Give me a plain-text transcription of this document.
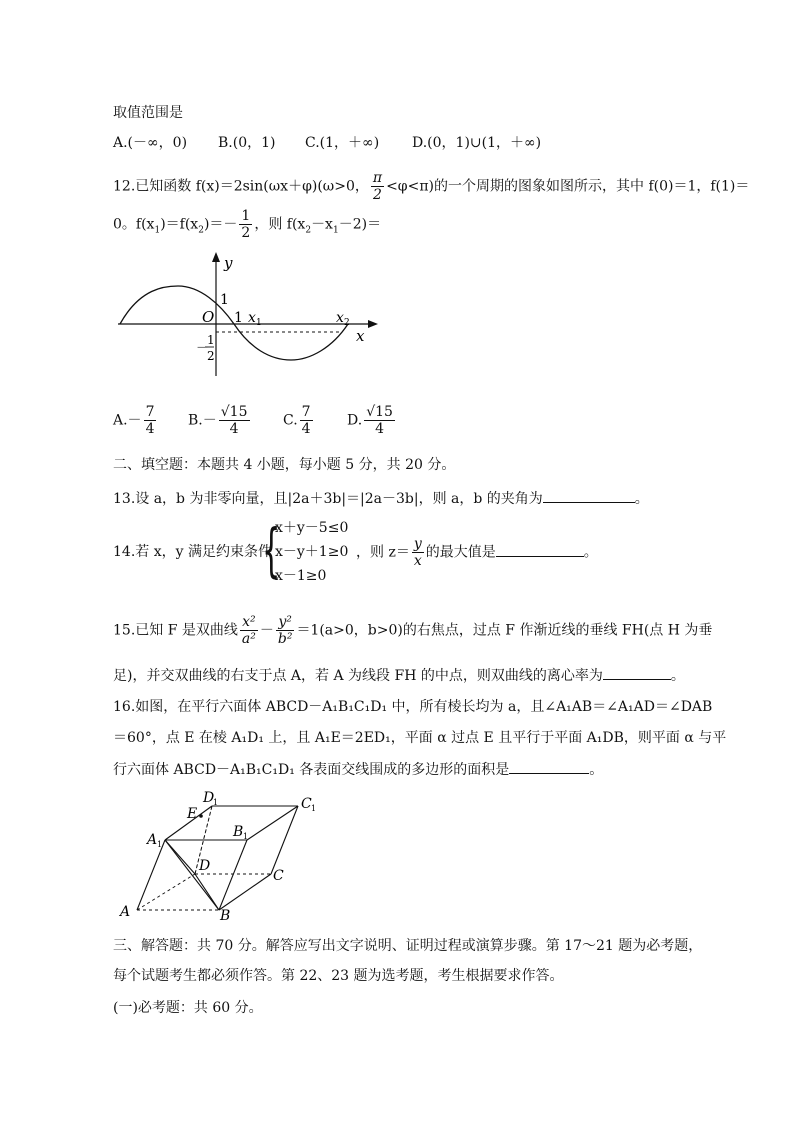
取值范围是
A.(－∞，0) B.(0，1) C.(1，＋∞) D.(0，1)∪(1，＋∞)
12.已知函数 f(x)＝2sin(ωx＋φ)(ω>0， $\frac{\pi}{2} <\varphi<\pi$)的一个周期的图象如图所示，其中 f(0)＝1，f(1)＝
0。$f(x_1)=f(x_2)=- \frac{1}{2}$ ，则 $f(x_2-x_1-2)=$
y
x
O
1
1 x 1	x 2
－
1
2
$A.- \frac{7}{4} B.- \frac{√15}{4} C$. $\frac{7}{4} D$. $\frac{√15}{4}$
二、填空题：本题共 4 小题，每小题 5 分，共 20 分。
13.设 a，b 为非零向量，且|2a＋3b|＝|2a－3b|，则 a，b 的夹角为	。
14.若 x，y 满足约束条件
{
x＋y－5≤0
x－y＋1≥0
x－1≥0
，则 $z= \frac{y}{x}$ 的最大值是	。
15.已知 F 是双曲线 $\frac{\text{x²}}{\text{a²}} - \frac{\text{y²}}{\text{b²}} =1(a>0$，b>0)的右焦点，过点 F 作渐近线的垂线 FH(点 H 为垂
足)，并交双曲线的右支于点 A，若 A 为线段 FH 的中点，则双曲线的离心率为	。
16.如图，在平行六面体 ABCD－A₁B₁C₁D₁ 中，所有棱长均为 a，且∠A₁AB＝∠A₁AD＝∠DAB
＝60°，点 E 在棱 A₁D₁ 上，且 A₁E＝2ED₁，平面 α 过点 E 且平行于平面 A₁DB，则平面 α 与平
行六面体 ABCD－A₁B₁C₁D₁ 各表面交线围成的多边形的面积是	。
A	B
C
D
A 1
B 1
C 1
D
1
E
三、解答题：共 70 分。解答应写出文字说明、证明过程或演算步骤。第 17～21 题为必考题，
每个试题考生都必须作答。第 22、23 题为选考题，考生根据要求作答。
(一)必考题：共 60 分。
